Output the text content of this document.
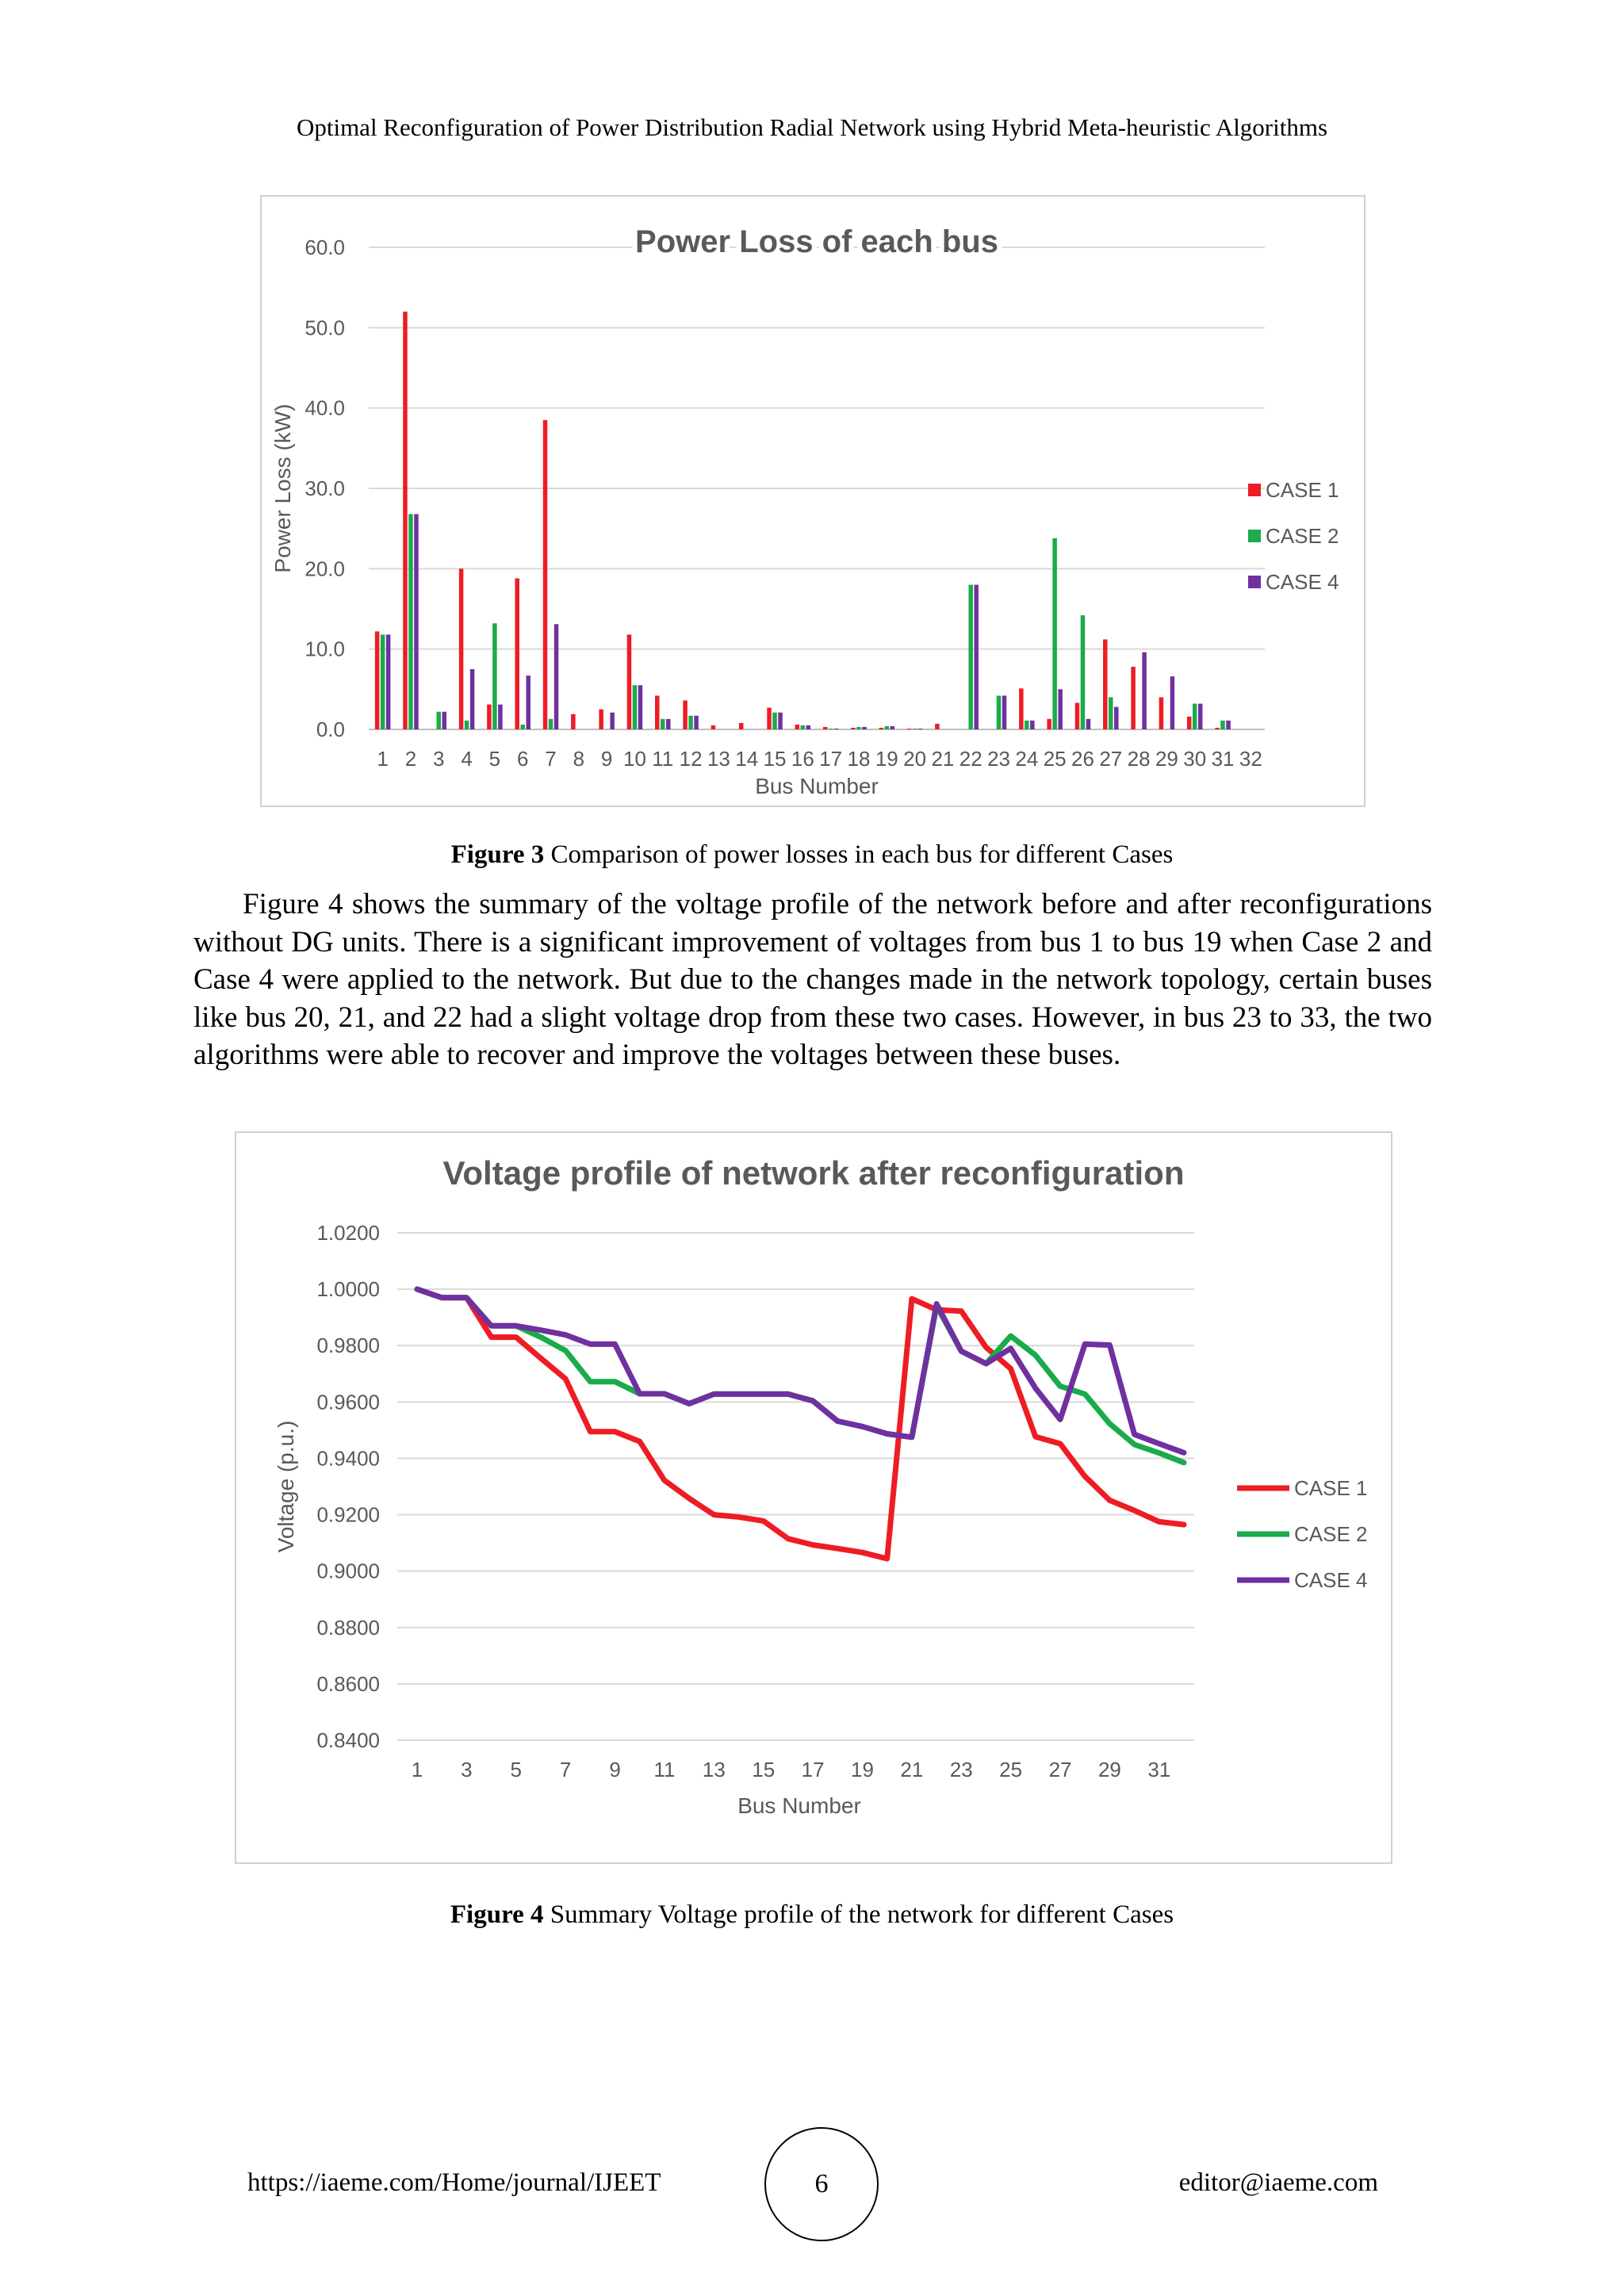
Optimal Reconfiguration of Power Distribution Radial Network using Hybrid Meta-heuristic Algorithms
0.0
10.0
20.0
30.0
40.0
50.0
60.0
1 2 3 4 5 6 7 8 9 10 11 12 13 14 15 16 17 18 19 20 21 22 23 24 25 26 27 28 29 30 31 32
Power Loss of each bus
Bus Number
Power Loss (kW)	CASE 1
CASE 2
CASE 4
Figure 3 Comparison of power losses in each bus for different Cases
Figure 4 shows the summary of the voltage profile of the network before and after reconfigurations without DG units. There is a significant improvement of voltages from bus 1 to bus 19 when Case 2 and Case 4 were applied to the network. But due to the changes made in the network topology, certain buses like bus 20, 21, and 22 had a slight voltage drop from these two cases. However, in bus 23 to 33, the two algorithms were able to recover and improve the voltages between these buses.
0.8400
0.8600
0.8800
0.9000
0.9200
0.9400
0.9600
0.9800
1.0000
1.0200
1 3 5 7 9 11 13 15 17 19 21 23 25 27 29 31
Voltage profile of network after reconfiguration
Bus Number
Voltage (p.u.)	CASE 1
CASE 2
CASE 4
Figure 4 Summary Voltage profile of the network for different Cases
https://iaeme.com/Home/journal/IJEET	6	editor@iaeme.com
